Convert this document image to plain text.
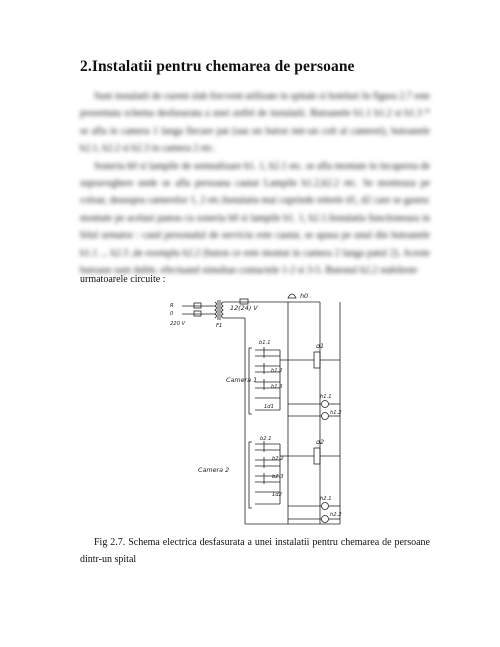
2.Instalatii pentru chemarea de persoane

Sunt instalatii de curent slab frecvent utilizate in spitale si hoteluri In figura 2.7 este prezentata schema desfasurata a unei astfel de instalatii. Butoanele b1.1 b1.2 si b1.3 * se afla in camera 1 langa fiecare pat (sau un buton intr-un colt al camerei), butoanele b2.1, b2.2 si b2.3 in camera 2 etc.

Sonería h0 si lampile de semnalizare h1. 1, h2.1 etc. se afla montate in incaperea de supraveghere unde se afla persoana cautat Lampile h1.2,h2.2 etc. Se monteaza pe coloar, deasupra camerelor 1, 2 etc.Instalatia mai cuprinde releele d1, d2 care se gasesc montate pe acelasi panou cu soneria h0 si lampile h1. 1, h2.1.Instalatia functioneaza in felul urmator : cand personalul de serviciu este cautat, se apasa pe unul din butoanele b1.1 ... b2.3 ,de exemplu b2.2 (buton ce este montat in camera 2 langa patul 2). Aceste butoane sunt duble, efectuand simultan contactele 1-2 si 3-5. Butonul b2.2 stabileste

urmatoarele circuite :
R
0
220 V	F1
12(24) V
h0
b1.1
b1.2
b1.3
1d1
Camera 1
d1
h1.1
h1.2
b2.1
b2.2
b2.3
1d2
Camera 2
d2
h2.1
h2.2
Fig 2.7. Schema electrica desfasurata a unei instalatii pentru chemarea de persoane dintr-un spital
